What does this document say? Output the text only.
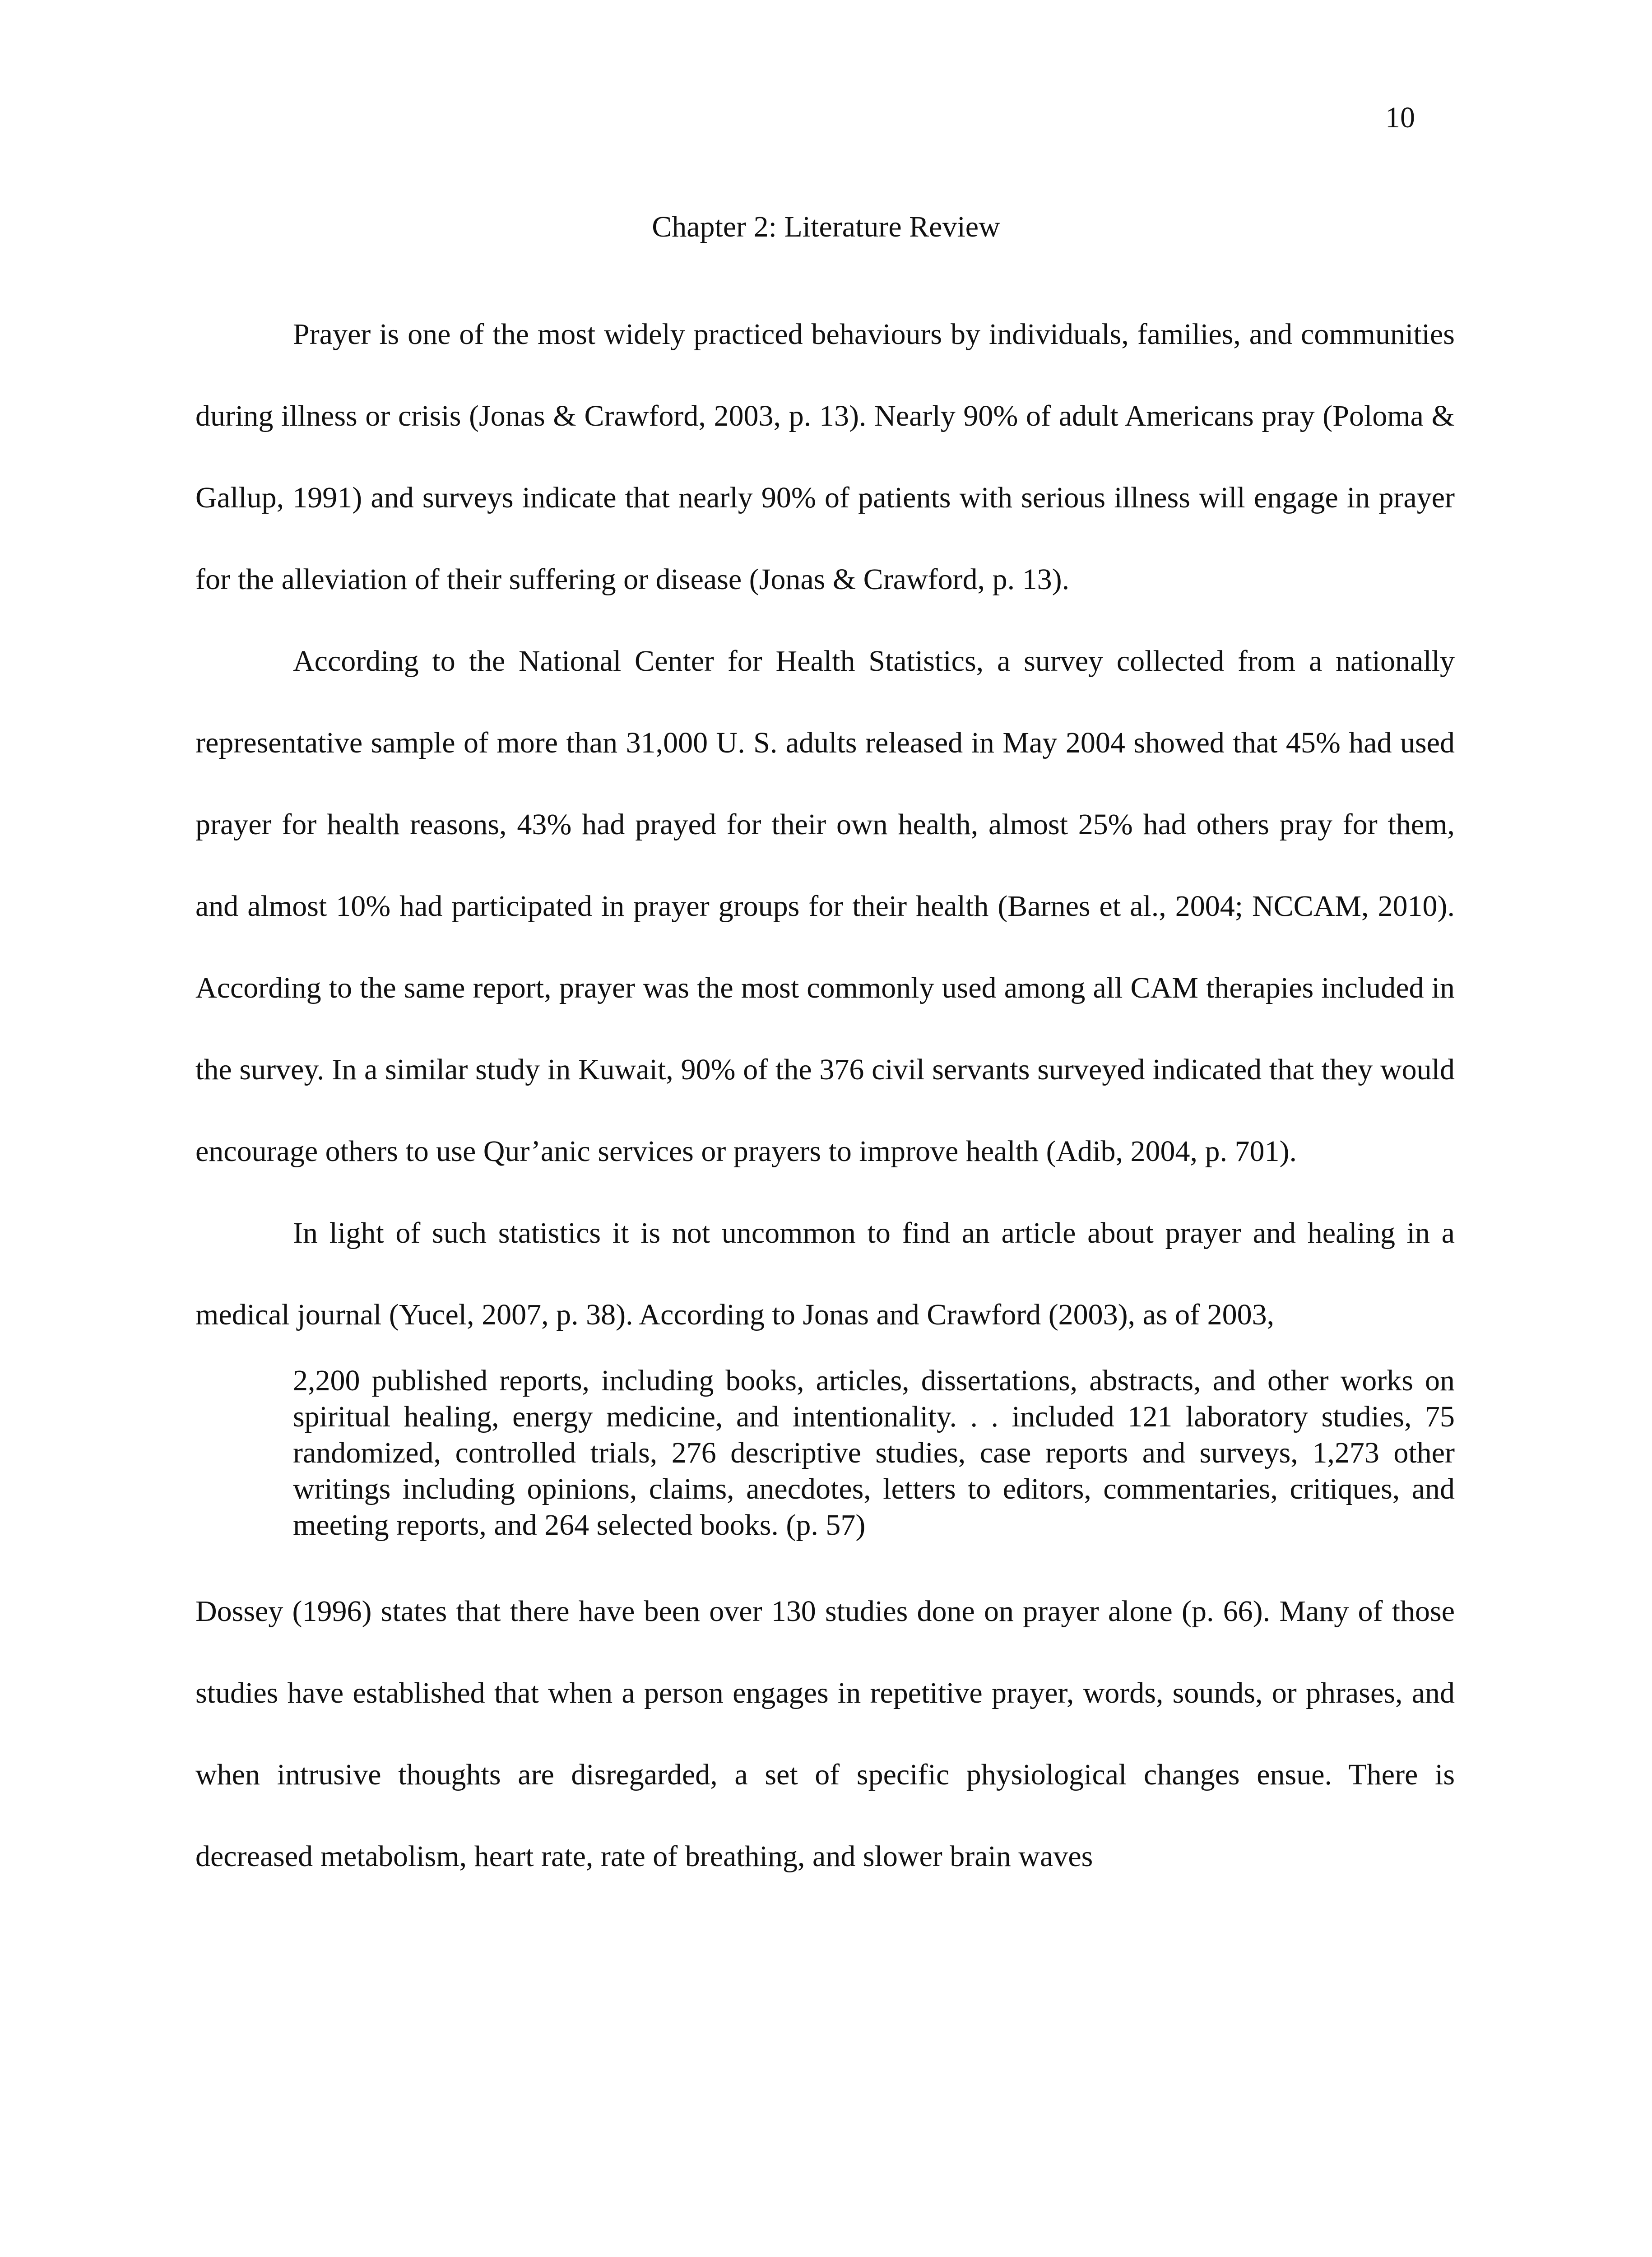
10
Chapter 2: Literature Review

Prayer is one of the most widely practiced behaviours by individuals, families, and communities during illness or crisis (Jonas & Crawford, 2003, p. 13). Nearly 90% of adult Americans pray (Poloma & Gallup, 1991) and surveys indicate that nearly 90% of patients with serious illness will engage in prayer for the alleviation of their suffering or disease (Jonas & Crawford, p. 13).

According to the National Center for Health Statistics, a survey collected from a nationally representative sample of more than 31,000 U. S. adults released in May 2004 showed that 45% had used prayer for health reasons, 43% had prayed for their own health, almost 25% had others pray for them, and almost 10% had participated in prayer groups for their health (Barnes et al., 2004; NCCAM, 2010). According to the same report, prayer was the most commonly used among all CAM therapies included in the survey. In a similar study in Kuwait, 90% of the 376 civil servants surveyed indicated that they would encourage others to use Qur’anic services or prayers to improve health (Adib, 2004, p. 701).

In light of such statistics it is not uncommon to find an article about prayer and healing in a medical journal (Yucel, 2007, p. 38). According to Jonas and Crawford (2003), as of 2003,

2,200 published reports, including books, articles, dissertations, abstracts, and other works on spiritual healing, energy medicine, and intentionality. . . included 121 laboratory studies, 75 randomized, controlled trials, 276 descriptive studies, case reports and surveys, 1,273 other writings including opinions, claims, anecdotes, letters to editors, commentaries, critiques, and meeting reports, and 264 selected books. (p. 57)

Dossey (1996) states that there have been over 130 studies done on prayer alone (p. 66). Many of those studies have established that when a person engages in repetitive prayer, words, sounds, or phrases, and when intrusive thoughts are disregarded, a set of specific physiological changes ensue. There is decreased metabolism, heart rate, rate of breathing, and slower brain waves
